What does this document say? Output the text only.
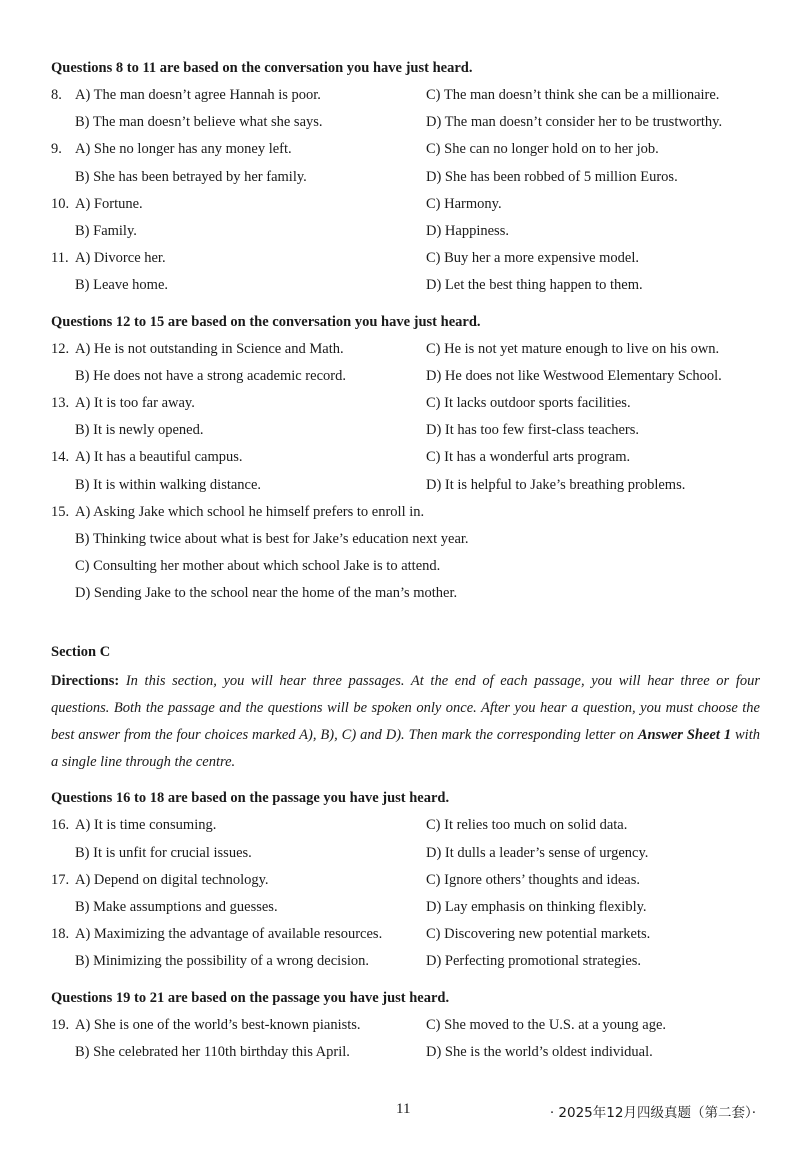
Questions 8 to 11 are based on the conversation you have just heard.
8. A) The man doesn’t agree Hannah is poor.	C) The man doesn’t think she can be a millionaire.
B) The man doesn’t believe what she says.	D) The man doesn’t consider her to be trustworthy.
9. A) She no longer has any money left.	C) She can no longer hold on to her job.
B) She has been betrayed by her family.	D) She has been robbed of 5 million Euros.
10. A) Fortune.	C) Harmony.
B) Family.	D) Happiness.
11. A) Divorce her.	C) Buy her a more expensive model.
B) Leave home.	D) Let the best thing happen to them.
Questions 12 to 15 are based on the conversation you have just heard.
12. A) He is not outstanding in Science and Math.	C) He is not yet mature enough to live on his own.
B) He does not have a strong academic record.	D) He does not like Westwood Elementary School.
13. A) It is too far away.	C) It lacks outdoor sports facilities.
B) It is newly opened.	D) It has too few first-class teachers.
14. A) It has a beautiful campus.	C) It has a wonderful arts program.
B) It is within walking distance.	D) It is helpful to Jake’s breathing problems.
15. A) Asking Jake which school he himself prefers to enroll in.
B) Thinking twice about what is best for Jake’s education next year.
C) Consulting her mother about which school Jake is to attend.
D) Sending Jake to the school near the home of the man’s mother.
Section C
Directions: In this section, you will hear three passages. At the end of each passage, you will hear three or four questions. Both the passage and the questions will be spoken only once. After you hear a question, you must choose the best answer from the four choices marked A), B), C) and D). Then mark the corresponding letter on Answer Sheet 1 with a single line through the centre.
Questions 16 to 18 are based on the passage you have just heard.
16. A) It is time consuming.	C) It relies too much on solid data.
B) It is unfit for crucial issues.	D) It dulls a leader’s sense of urgency.
17. A) Depend on digital technology.	C) Ignore others’ thoughts and ideas.
B) Make assumptions and guesses.	D) Lay emphasis on thinking flexibly.
18. A) Maximizing the advantage of available resources.	C) Discovering new potential markets.
B) Minimizing the possibility of a wrong decision.	D) Perfecting promotional strategies.
Questions 19 to 21 are based on the passage you have just heard.
19. A) She is one of the world’s best-known pianists.	C) She moved to the U.S. at a young age.
B) She celebrated her 110th birthday this April.	D) She is the world’s oldest individual.
11	· 2025年12月四级真题（第二套）·
